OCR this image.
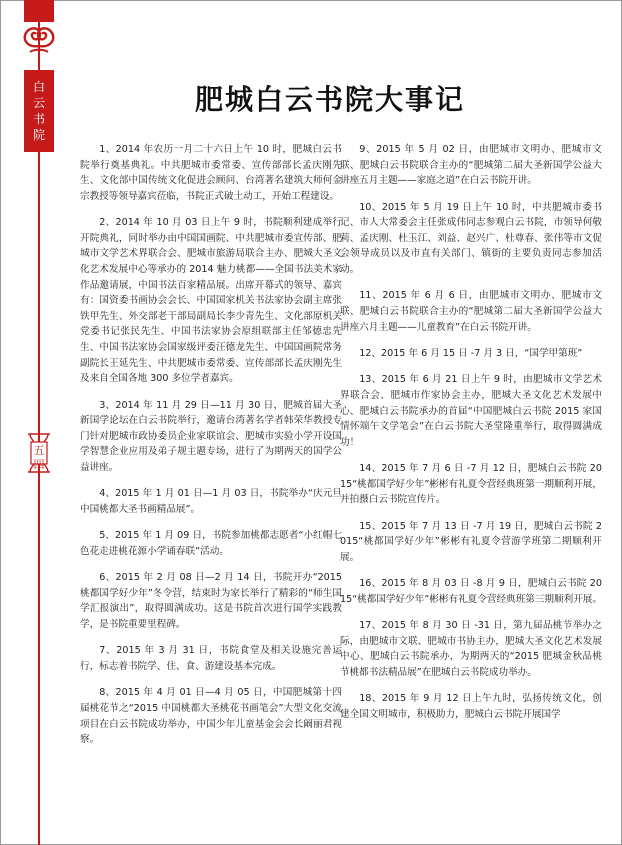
白
云
书
院
五
四
肥城白云书院大事记

1、2014 年农历一月二十六日上午 10 时，肥城白云书院举行奠基典礼。中共肥城市委常委、宣传部部长孟庆刚先生、文化部中国传统文化促进会顾问、台湾著名建筑大师何金宗教授等领导嘉宾莅临，书院正式破土动工，开始工程建设。

2、2014 年 10 月 03 日上午 9 时，书院顺利建成举行开院典礼，同时举办由中国国画院、中共肥城市委宣传部、肥城市文学艺术界联合会、肥城市旅游局联合主办、肥城大圣文化艺术发展中心等承办的 2014 魅力桃都——全国书法美术家作品邀请展，中国书法百家精品展。出席开幕式的领导、嘉宾有：国资委书画协会会长、中国国家机关书法家协会副主席张铁甲先生、外交部老干部局副局长李少青先生、文化部原机关党委书记张民先生、中国书法家协会原组联部主任邹德忠先生、中国书法家协会国家级评委汪德龙先生、中国国画院常务副院长王延先生、中共肥城市委常委、宣传部部长孟庆刚先生及来自全国各地 300 多位学者嘉宾。

3、2014 年 11 月 29 日—11 月 30 日，肥城首届大圣新国学论坛在白云书院举行，邀请台湾著名学者韩荣华教授专门针对肥城市政协委员企业家联谊会、肥城市实验小学开设国学智慧企业应用及弟子规主题专场，进行了为期两天的国学公益讲座。

4、2015 年 1 月 01 日—1 月 03 日，书院举办“庆元旦中国桃都大圣书画精品展”。

5、2015 年 1 月 09 日，书院参加桃都志愿者“小红帽七色花走进桃花源小学诵春联”活动。

6、2015 年 2 月 08 日—2 月 14 日，书院开办“2015 桃都国学好少年”冬令营，结束时为家长举行了精彩的“师生国学汇报演出”，取得圆满成功。这是书院首次进行国学实践教学，是书院重要里程碑。

7、2015 年 3 月 31 日，书院食堂及相关设施完善运行，标志着书院学、住、食、游建设基本完成。

8、2015 年 4 月 01 日—4 月 05 日，中国肥城第十四届桃花节之“2015 中国桃都大圣桃花书画笔会”大型文化交流项目在白云书院成功举办，中国少年儿童基金会会长阚丽君视察。

9、2015 年 5 月 02 日，由肥城市文明办、肥城市文联、肥城白云书院联合主办的“肥城第二届大圣新国学公益大讲座五月主题——家庭之道”在白云书院开讲。

10、2015 年 5 月 19 日上午 10 时，中共肥城市委书记、市人大常委会主任张成伟同志参观白云书院，市领导何敬莉、孟庆刚、杜玉江、刘益、赵兴广、杜尊春、张伟等市文促会领导成员以及市直有关部门、镇街的主要负责同志参加活动。

11、2015 年 6 月 6 日，由肥城市文明办、肥城市文联、肥城白云书院联合主办的“肥城第二届大圣新国学公益大讲座六月主题——儿童教育”在白云书院开讲。

12、2015 年 6 月 15 日 -7 月 3 日，“国学甲第班”

13、2015 年 6 月 21 日上午 9 时，由肥城市文学艺术界联合会、肥城市作家协会主办，肥城大圣文化艺术发展中心、肥城白云书院承办的首届“中国肥城白云书院 2015 家国情怀端午文学笔会”在白云书院大圣堂隆重举行，取得圆满成功！

14、2015 年 7 月 6 日 -7 月 12 日，肥城白云书院 2015“桃都国学好少年”彬彬有礼夏令营经典班第一期顺利开展，并拍摄白云书院宣传片。

15、2015 年 7 月 13 日 -7 月 19 日，肥城白云书院 2015“桃都国学好少年”彬彬有礼夏令营游学班第二期顺利开展。

16、2015 年 8 月 03 日 -8 月 9 日，肥城白云书院 2015“桃都国学好少年”彬彬有礼夏令营经典班第三期顺利开展。

17、2015 年 8 月 30 日 -31 日，第九届品桃节举办之际，由肥城市文联、肥城市书协主办，肥城大圣文化艺术发展中心、肥城白云书院承办，为期两天的“2015 肥城金秋品桃节桃都书法精品展”在肥城白云书院成功举办。

18、2015 年 9 月 12 日上午九时，弘扬传统文化，创建全国文明城市，积极助力，肥城白云书院开展国学
